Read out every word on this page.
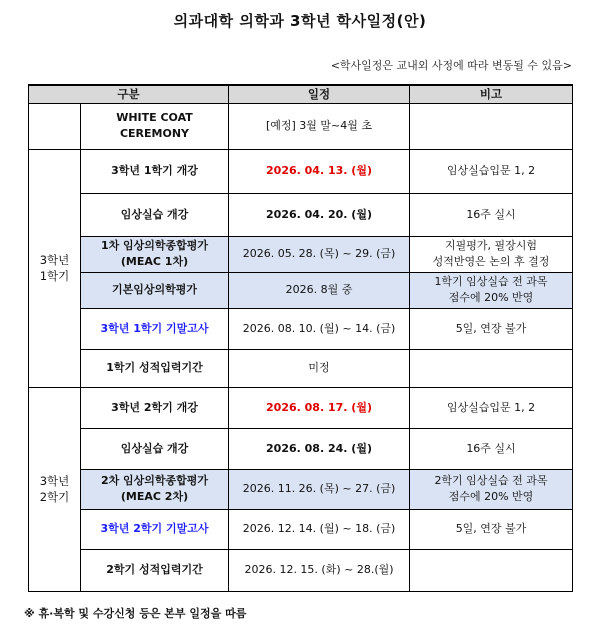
의과대학 의학과 3학년 학사일정(안)
<학사일정은 교내외 사정에 따라 변동될 수 있음>
구분		일정	비고
	WHITE COAT
CEREMONY	[예정] 3월 말~4월 초	
3학년
1학기	3학년 1학기 개강	2026. 04. 13. (월)	임상실습입문 1, 2
	임상실습 개강	2026. 04. 20. (월)	16주 실시
	1차 임상의학종합평가
(MEAC 1차)	2026. 05. 28. (목) ~ 29. (금)	지필평가, 필장시험
성적반영은 논의 후 결정
	기본임상의학평가	2026. 8월 중	1학기 임상실습 전 과목
점수에 20% 반영
	3학년 1학기 기말고사	2026. 08. 10. (월) ~ 14. (금)	5일, 연장 불가
	1학기 성적입력기간	미정	
3학년
2학기	3학년 2학기 개강	2026. 08. 17. (월)	임상실습입문 1, 2
	임상실습 개강	2026. 08. 24. (월)	16주 실시
	2차 임상의학종합평가
(MEAC 2차)	2026. 11. 26. (목) ~ 27. (금)	2학기 임상실습 전 과목
점수에 20% 반영
	3학년 2학기 기말고사	2026. 12. 14. (월) ~ 18. (금)	5일, 연장 불가
	2학기 성적입력기간	2026. 12. 15. (화) ~ 28.(월)	
※ 휴·복학 및 수강신청 등은 본부 일정을 따름
